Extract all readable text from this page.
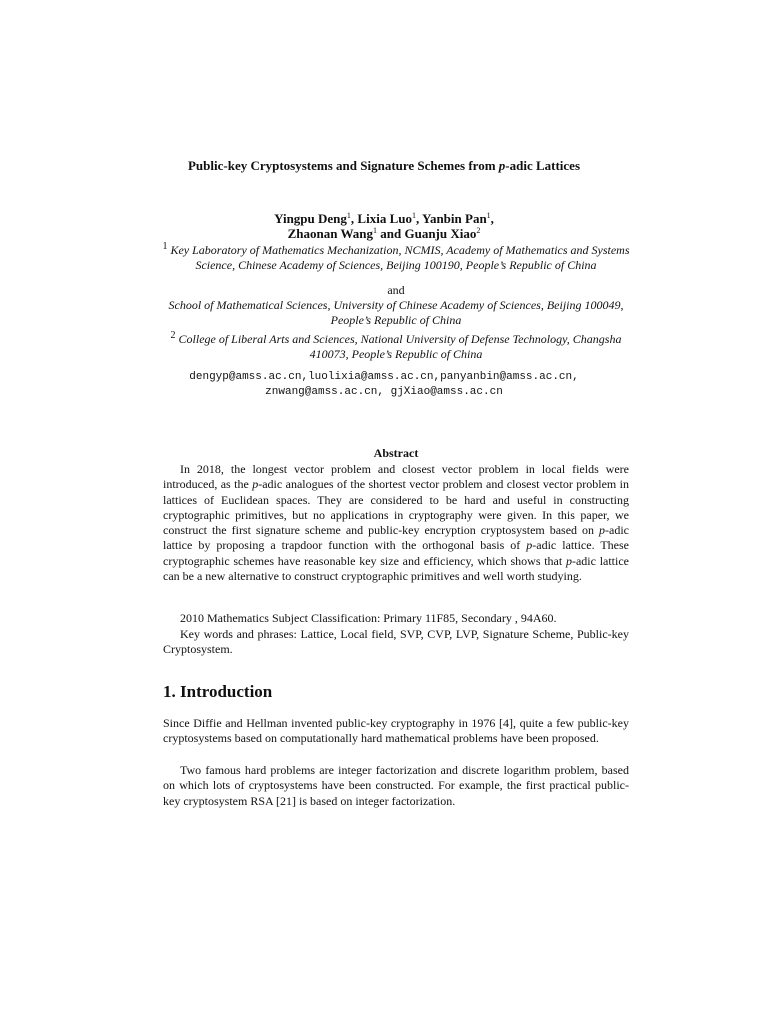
Public-key Cryptosystems and Signature Schemes from p-adic Lattices
Yingpu Deng$^1$, Lixia Luo$^1$, Yanbin Pan$^1$,
Zhaonan Wang$^1$ and Guanju Xiao$^2$
$^1$ Key Laboratory of Mathematics Mechanization, NCMIS, Academy of Mathematics and Systems Science, Chinese Academy of Sciences, Beijing 100190, People’s Republic of China
and
School of Mathematical Sciences, University of Chinese Academy of Sciences, Beijing 100049, People’s Republic of China
$^2$ College of Liberal Arts and Sciences, National University of Defense Technology, Changsha 410073, People’s Republic of China
dengyp@amss.ac.cn,luolixia@amss.ac.cn,panyanbin@amss.ac.cn,
znwang@amss.ac.cn, gjXiao@amss.ac.cn
Abstract

In 2018, the longest vector problem and closest vector problem in local fields were introduced, as the p-adic analogues of the shortest vector problem and closest vector problem in lattices of Euclidean spaces. They are considered to be hard and useful in constructing cryptographic primitives, but no applications in cryptography were given. In this paper, we construct the first signature scheme and public-key encryption cryptosystem based on p-adic lattice by proposing a trapdoor function with the orthogonal basis of p-adic lattice. These cryptographic schemes have reasonable key size and efficiency, which shows that p-adic lattice can be a new alternative to construct cryptographic primitives and well worth studying.

2010 Mathematics Subject Classification: Primary 11F85, Secondary , 94A60.

Key words and phrases: Lattice, Local field, SVP, CVP, LVP, Signature Scheme, Public-key Cryptosystem.

1. Introduction

Since Diffie and Hellman invented public-key cryptography in 1976 [4], quite a few public-key cryptosystems based on computationally hard mathematical problems have been proposed.

Two famous hard problems are integer factorization and discrete logarithm problem, based on which lots of cryptosystems have been constructed. For example, the first practical public-key cryptosystem RSA [21] is based on integer factorization.
